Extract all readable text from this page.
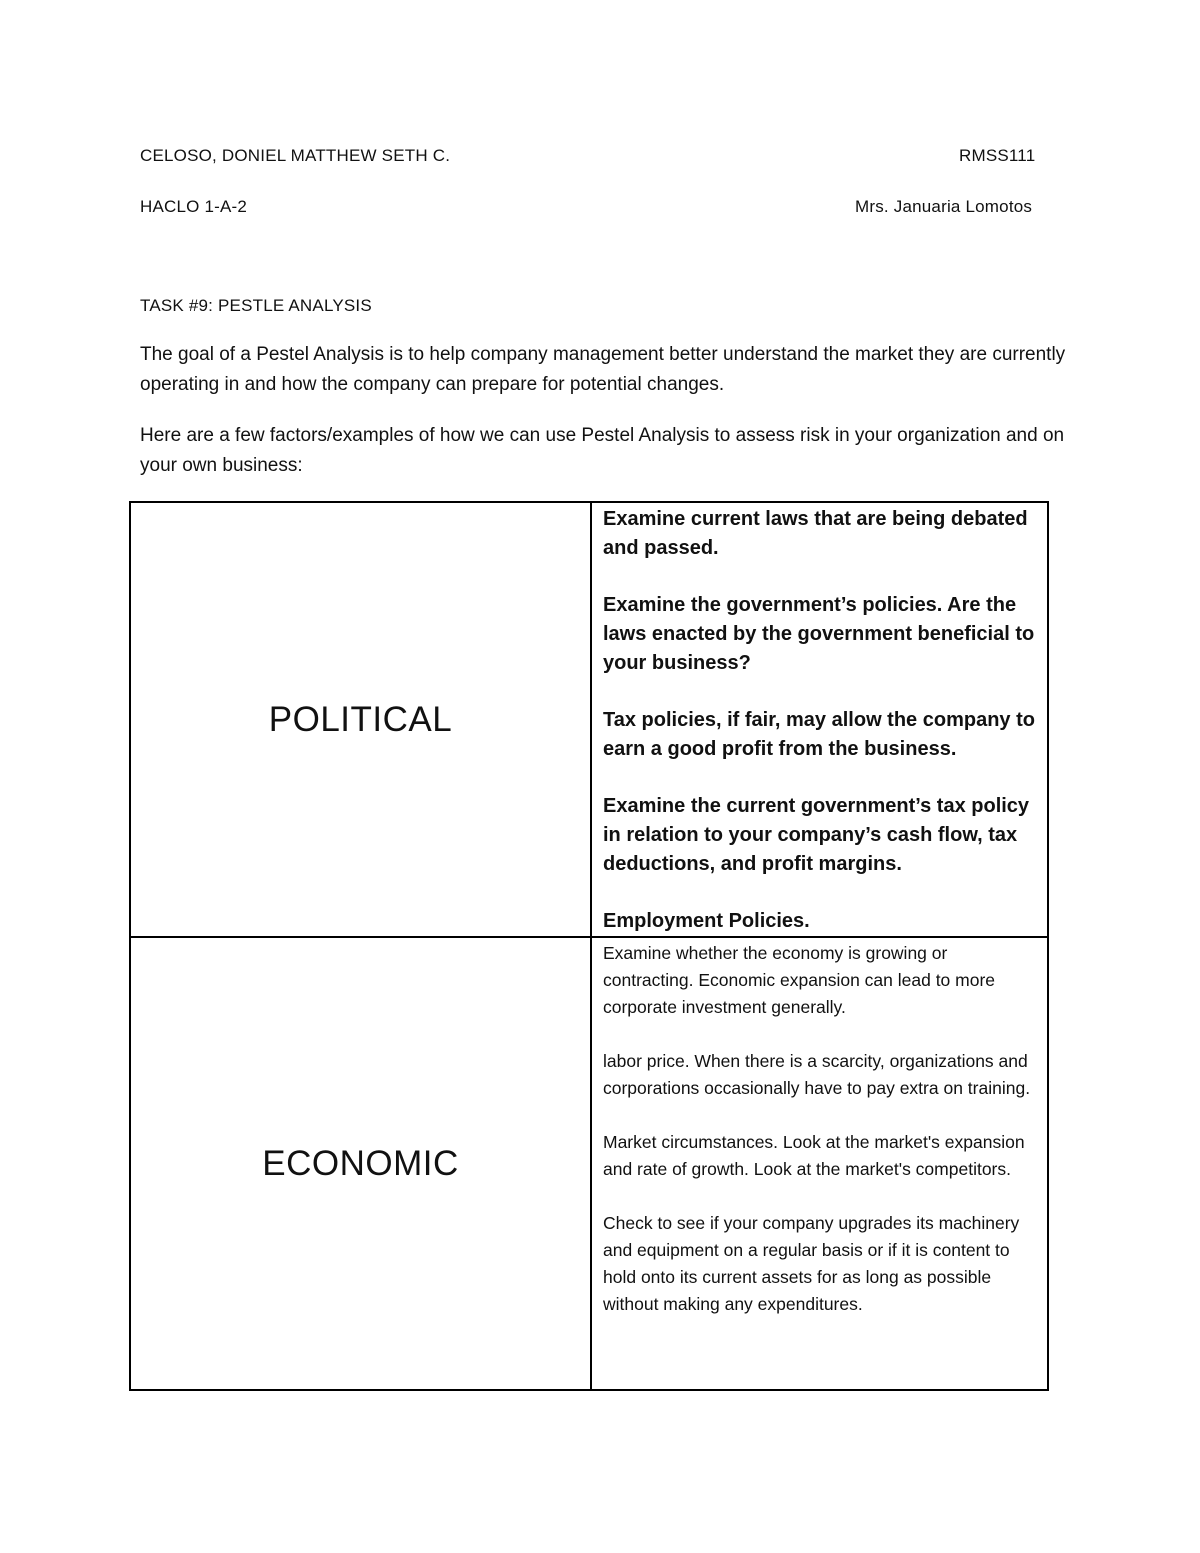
CELOSO, DONIEL MATTHEW SETH C.	RMSS111
HACLO 1-A-2	Mrs. Januaria Lomotos
TASK #9: PESTLE ANALYSIS

The goal of a Pestel Analysis is to help company management better understand the market they are currently operating in and how the company can prepare for potential changes.

Here are a few factors/examples of how we can use Pestel Analysis to assess risk in your organization and on your own business:

POLITICAL	Examine current laws that are being debated and passed.

Examine the government’s policies. Are the laws enacted by the government beneficial to your business?

Tax policies, if fair, may allow the company to earn a good profit from the business.

Examine the current government’s tax policy in relation to your company’s cash flow, tax deductions, and profit margins.

Employment Policies.

ECONOMIC	Examine whether the economy is growing or contracting. Economic expansion can lead to more corporate investment generally.

labor price. When there is a scarcity, organizations and corporations occasionally have to pay extra on training.

Market circumstances. Look at the market's expansion and rate of growth. Look at the market's competitors.

Check to see if your company upgrades its machinery and equipment on a regular basis or if it is content to hold onto its current assets for as long as possible without making any expenditures.
